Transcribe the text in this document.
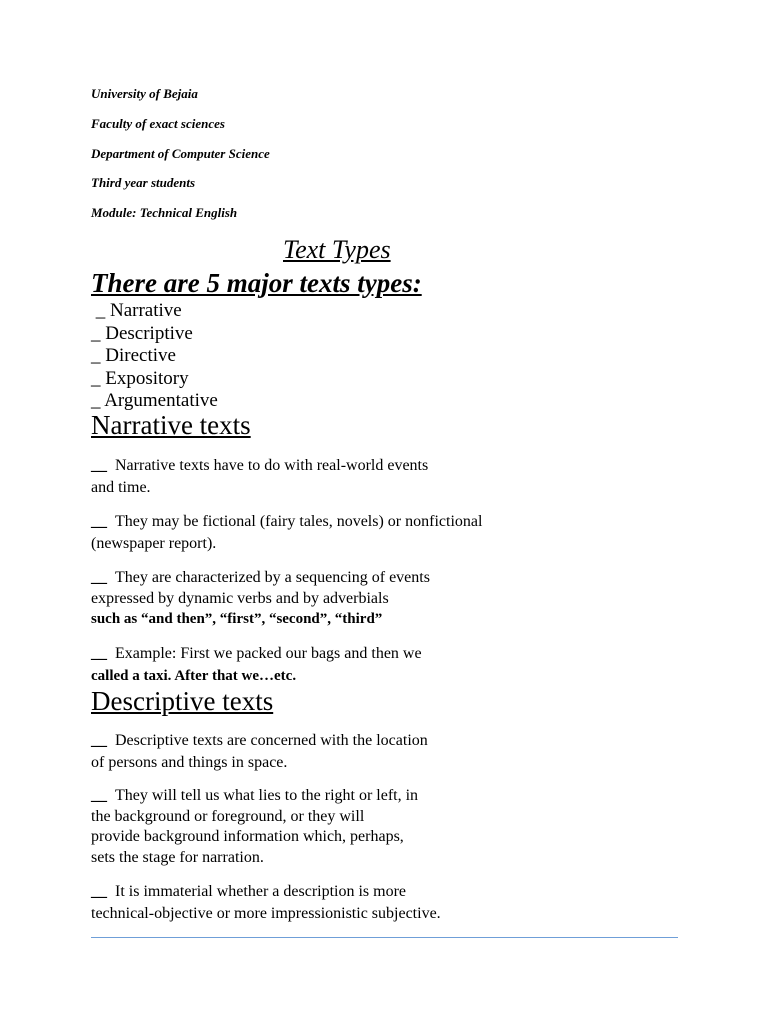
University of Bejaia
Faculty of exact sciences
Department of Computer Science
Third year students
Module: Technical English
Text Types
There are 5 major texts types:
_ Narrative
_ Descriptive
_ Directive
_ Expository
_ Argumentative
Narrative texts
__ Narrative texts have to do with real-world events
and time.
__ They may be fictional (fairy tales, novels) or nonfictional
(newspaper report).
__ They are characterized by a sequencing of events
expressed by dynamic verbs and by adverbials
such as “and then”, “first”, “second”, “third”
__ Example: First we packed our bags and then we
called a taxi. After that we…etc.
Descriptive texts
__ Descriptive texts are concerned with the location
of persons and things in space.
__ They will tell us what lies to the right or left, in
the background or foreground, or they will
provide background information which, perhaps,
sets the stage for narration.
__ It is immaterial whether a description is more
technical-objective or more impressionistic subjective.
